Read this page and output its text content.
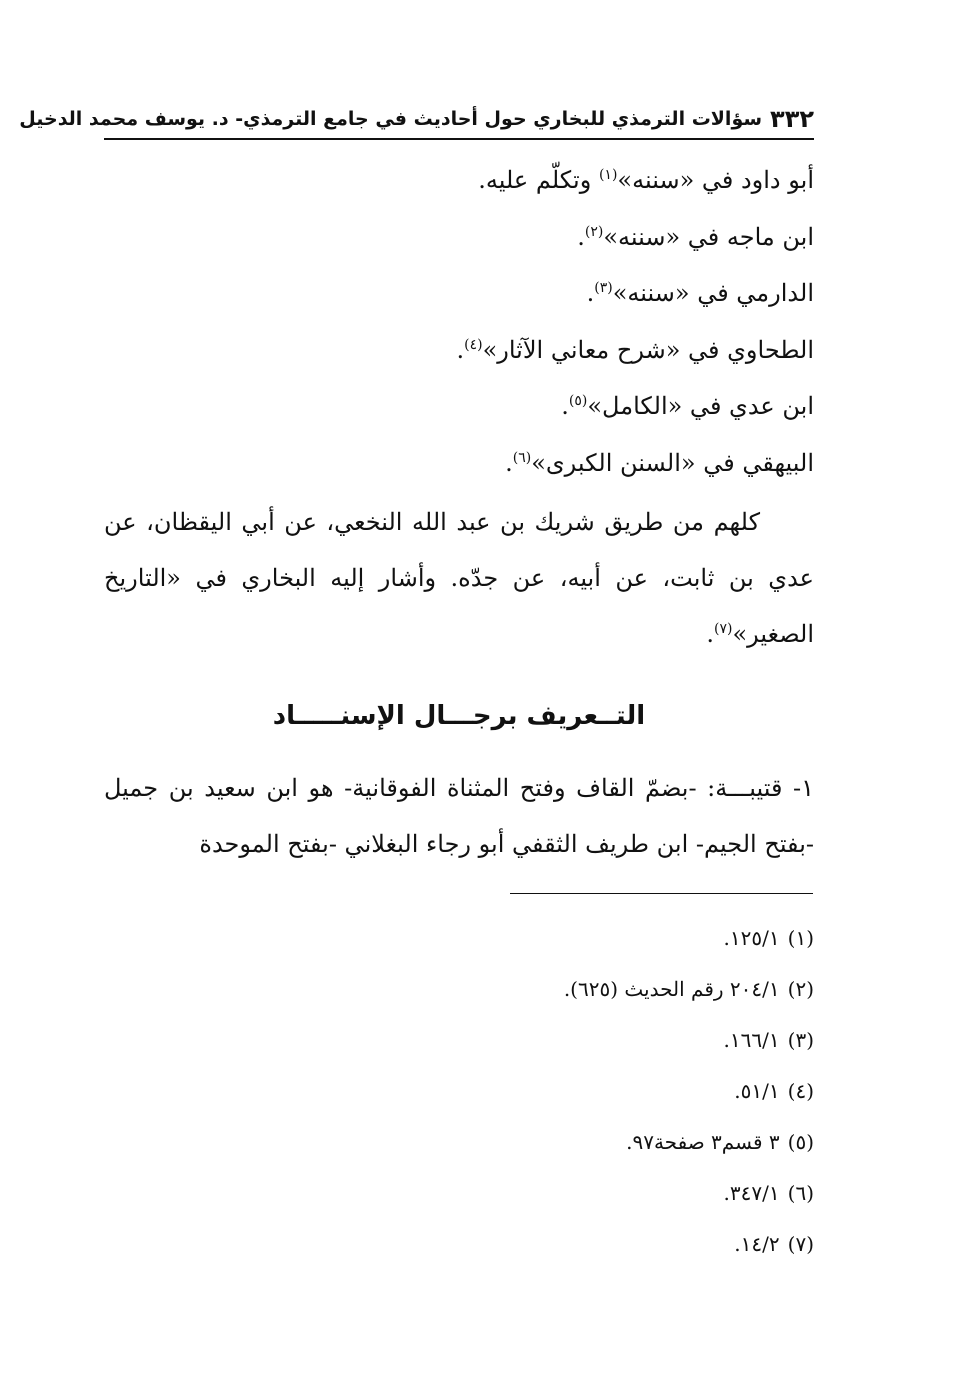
٣٣٢
سؤالات الترمذي للبخاري حول أحاديث في جامع الترمذي- د. يوسف محمد الدخيل
أبو داود في «سننه»$^{(١)}$ وتكلّم عليه.
ابن ماجه في «سننه»$^{(٢)}$.
الدارمي في «سننه»$^{(٣)}$.
الطحاوي في «شرح معاني الآثار»$^{(٤)}$.
ابن عدي في «الكامل»$^{(٥)}$.
البيهقي في «السنن الكبرى»$^{(٦)}$.
كلهم من طريق شريك بن عبد الله النخعي، عن أبي اليقظان، عن عدي بن ثابت، عن أبيه، عن جدّه. وأشار إليه البخاري في «التاريخ الصغير»$^{(٧)}$.
التــعريف برجـــال الإسنـــــاد
١- قتيبـــة: -بضمّ القاف وفتح المثناة الفوقانية- هو ابن سعيد بن جميل -بفتح الجيم- ابن طريف الثقفي أبو رجاء البغلاني -بفتح الموحدة
(١)١٢٥/١.
(٢)٢٠٤/١ رقم الحديث (٦٢٥).
(٣)١٦٦/١.
(٤)٥١/١.
(٥)٣ قسم٣ صفحة٩٧.
(٦)٣٤٧/١.
(٧)١٤/٢.
